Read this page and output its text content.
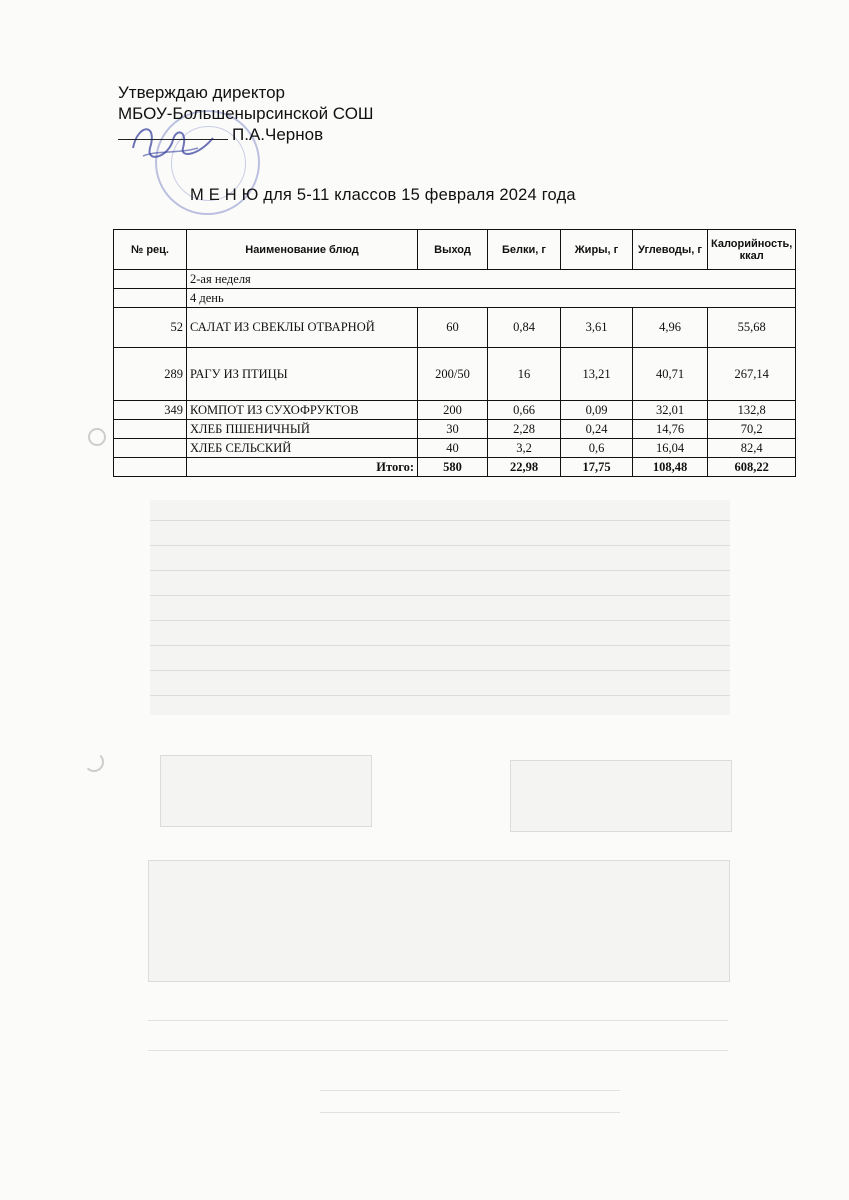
Утверждаю директор
МБОУ-Большенырсинской СОШ
П.А.Чернов
М Е Н Ю для 5-11 классов 15 февраля 2024 года
№ рец.	Наименование блюд	Выход	Белки, г	Жиры, г	Углеводы, г	Калорийность, ккал
	2-ая неделя					
	4 день					
52	САЛАТ ИЗ СВЕКЛЫ ОТВАРНОЙ	60	0,84	3,61	4,96	55,68
289	РАГУ ИЗ ПТИЦЫ	200/50	16	13,21	40,71	267,14
349	КОМПОТ ИЗ СУХОФРУКТОВ	200	0,66	0,09	32,01	132,8
	ХЛЕБ ПШЕНИЧНЫЙ	30	2,28	0,24	14,76	70,2
	ХЛЕБ СЕЛЬСКИЙ	40	3,2	0,6	16,04	82,4
	Итого:	580	22,98	17,75	108,48	608,22
